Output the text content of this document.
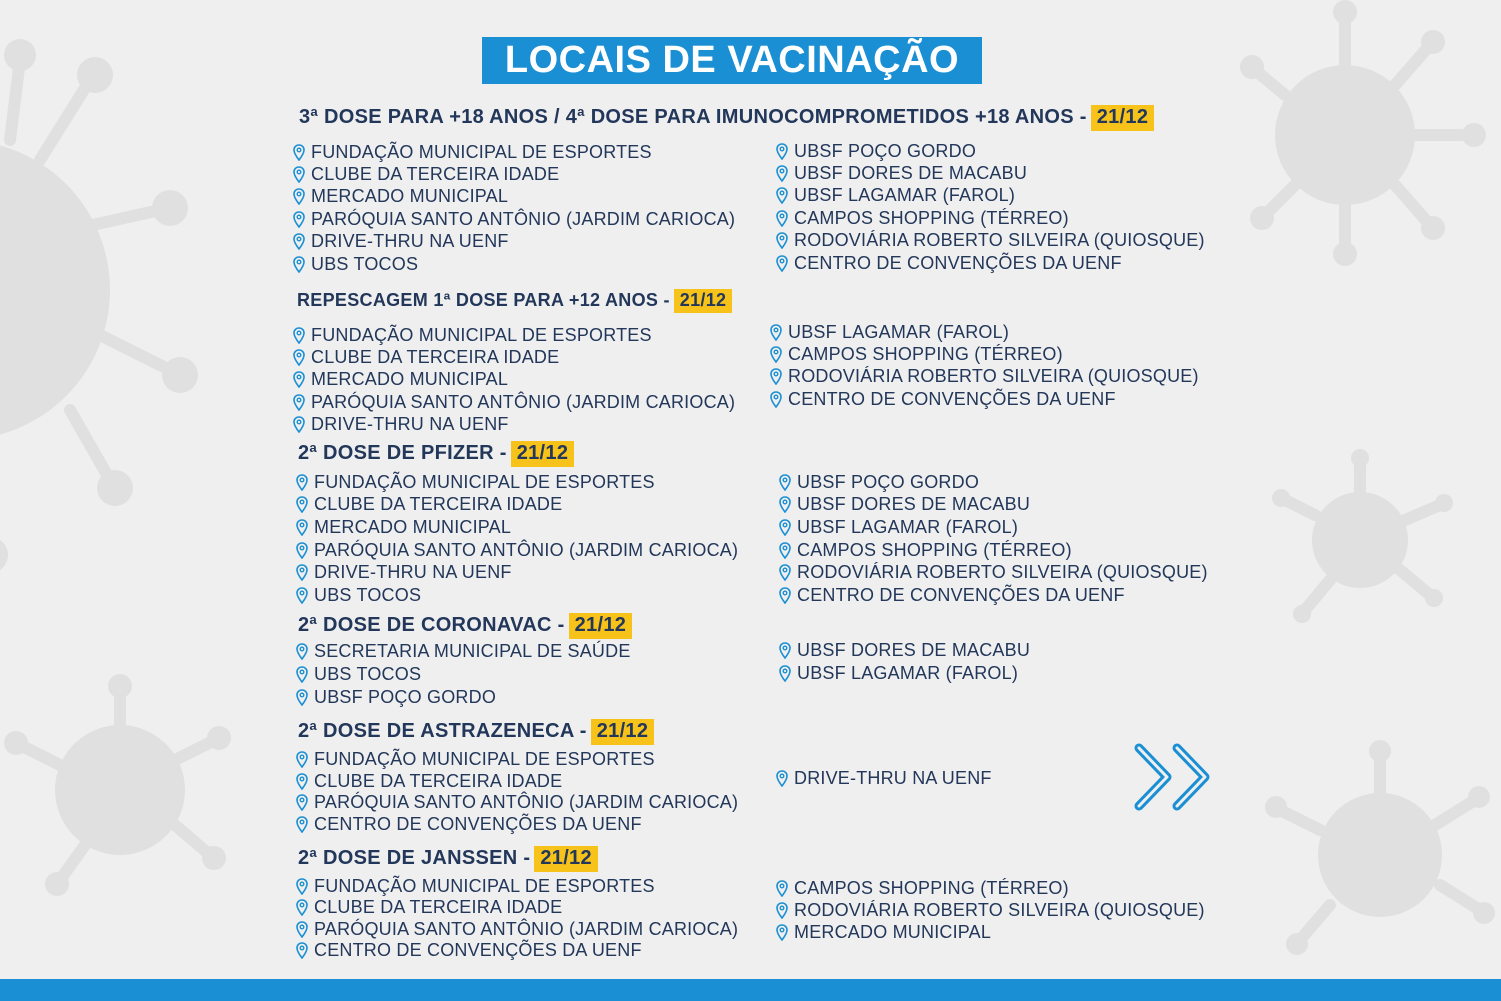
LOCAIS DE VACINAÇÃO
3ª DOSE PARA +18 ANOS / 4ª DOSE PARA IMUNOCOMPROMETIDOS +18 ANOS - 21/12
FUNDAÇÃO MUNICIPAL DE ESPORTES
CLUBE DA TERCEIRA IDADE
MERCADO MUNICIPAL
PARÓQUIA SANTO ANTÔNIO (JARDIM CARIOCA)
DRIVE-THRU NA UENF
UBS TOCOS
UBSF POÇO GORDO
UBSF DORES DE MACABU
UBSF LAGAMAR (FAROL)
CAMPOS SHOPPING (TÉRREO)
RODOVIÁRIA ROBERTO SILVEIRA (QUIOSQUE)
CENTRO DE CONVENÇÕES DA UENF
REPESCAGEM 1ª DOSE PARA +12 ANOS - 21/12
FUNDAÇÃO MUNICIPAL DE ESPORTES
CLUBE DA TERCEIRA IDADE
MERCADO MUNICIPAL
PARÓQUIA SANTO ANTÔNIO (JARDIM CARIOCA)
DRIVE-THRU NA UENF
UBSF LAGAMAR (FAROL)
CAMPOS SHOPPING (TÉRREO)
RODOVIÁRIA ROBERTO SILVEIRA (QUIOSQUE)
CENTRO DE CONVENÇÕES DA UENF
2ª DOSE DE PFIZER - 21/12
FUNDAÇÃO MUNICIPAL DE ESPORTES
CLUBE DA TERCEIRA IDADE
MERCADO MUNICIPAL
PARÓQUIA SANTO ANTÔNIO (JARDIM CARIOCA)
DRIVE-THRU NA UENF
UBS TOCOS
UBSF POÇO GORDO
UBSF DORES DE MACABU
UBSF LAGAMAR (FAROL)
CAMPOS SHOPPING (TÉRREO)
RODOVIÁRIA ROBERTO SILVEIRA (QUIOSQUE)
CENTRO DE CONVENÇÕES DA UENF
2ª DOSE DE CORONAVAC - 21/12
SECRETARIA MUNICIPAL DE SAÚDE
UBS TOCOS
UBSF POÇO GORDO
UBSF DORES DE MACABU
UBSF LAGAMAR (FAROL)
2ª DOSE DE ASTRAZENECA - 21/12
FUNDAÇÃO MUNICIPAL DE ESPORTES
CLUBE DA TERCEIRA IDADE
PARÓQUIA SANTO ANTÔNIO (JARDIM CARIOCA)
CENTRO DE CONVENÇÕES DA UENF
DRIVE-THRU NA UENF
2ª DOSE DE JANSSEN - 21/12
FUNDAÇÃO MUNICIPAL DE ESPORTES
CLUBE DA TERCEIRA IDADE
PARÓQUIA SANTO ANTÔNIO (JARDIM CARIOCA)
CENTRO DE CONVENÇÕES DA UENF
CAMPOS SHOPPING (TÉRREO)
RODOVIÁRIA ROBERTO SILVEIRA (QUIOSQUE)
MERCADO MUNICIPAL
